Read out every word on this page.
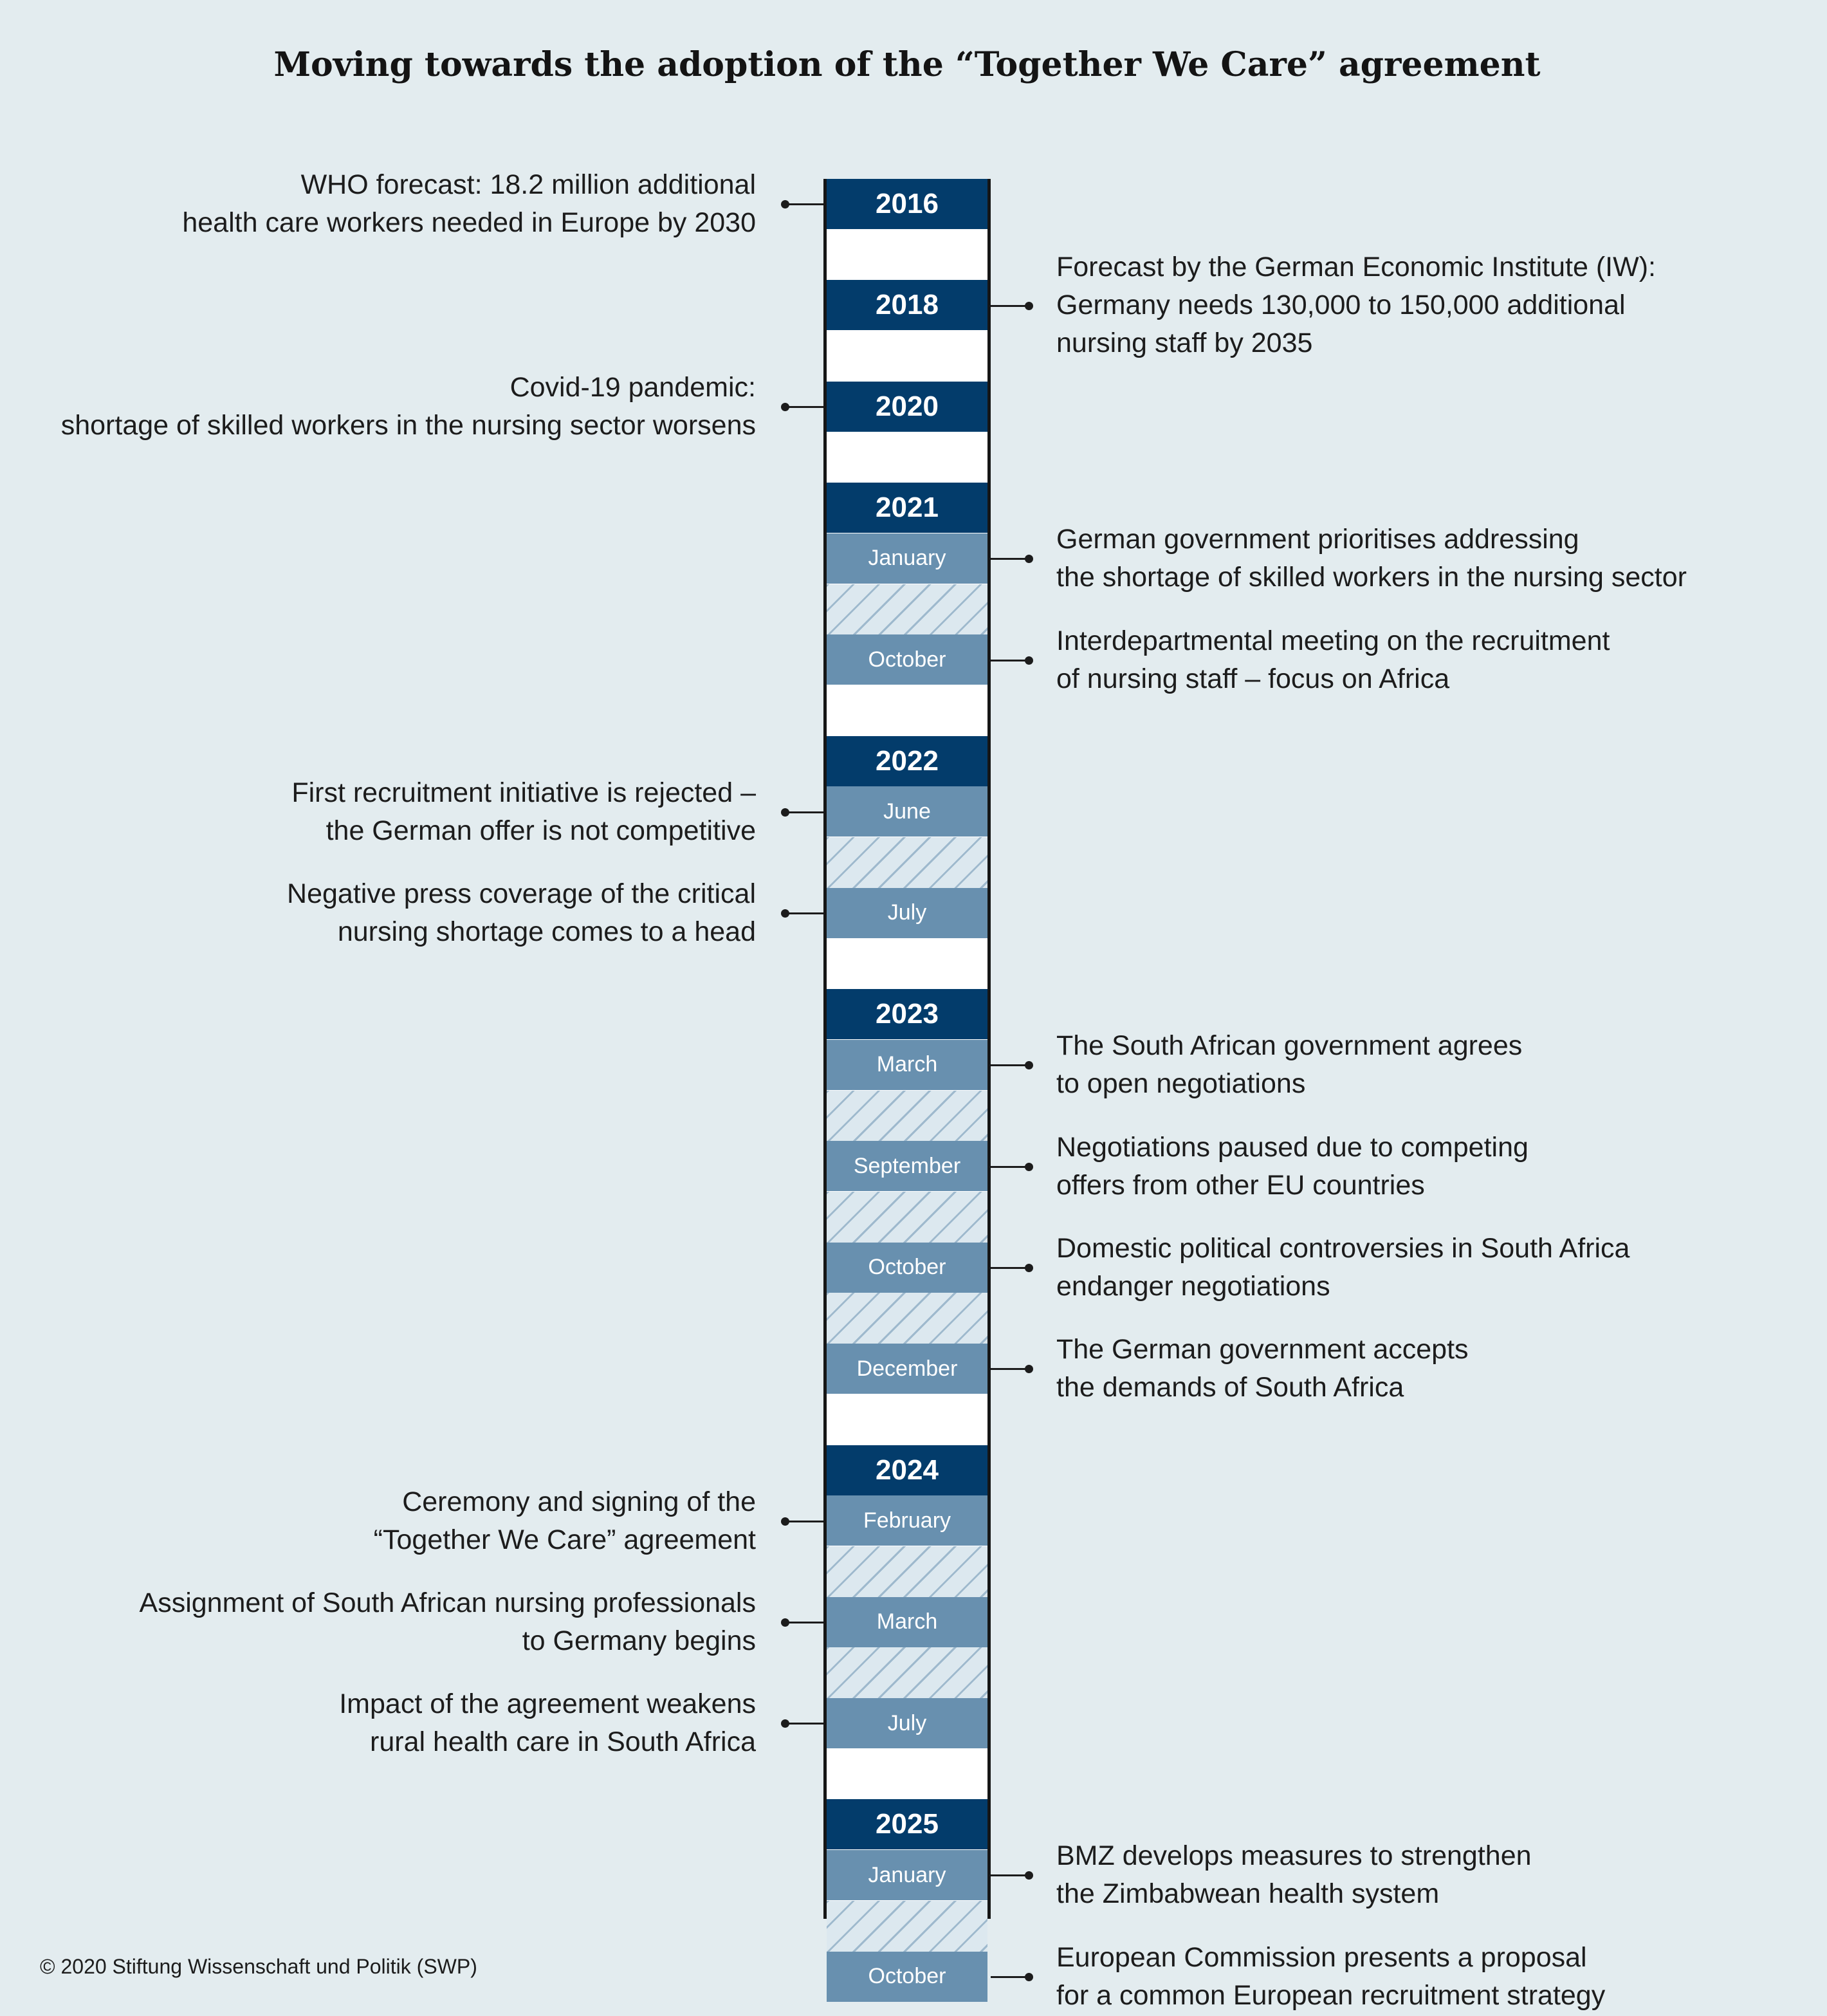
Moving towards the adoption of the “Together We Care” agreement
2016
WHO forecast: 18.2 million additional
health care workers needed in Europe by 2030
2018
Forecast by the German Economic Institute (IW):
Germany needs 130,000 to 150,000 additional
nursing staff by 2035
2020
Covid-19 pandemic:
shortage of skilled workers in the nursing sector worsens
2021
January
German government prioritises addressing
the shortage of skilled workers in the nursing sector
October
Interdepartmental meeting on the recruitment
of nursing staff – focus on Africa
2022
June
First recruitment initiative is rejected –
the German offer is not competitive
July
Negative press coverage of the critical
nursing shortage comes to a head
2023
March
The South African government agrees
to open negotiations
September
Negotiations paused due to competing
offers from other EU countries
October
Domestic political controversies in South Africa
endanger negotiations
December
The German government accepts
the demands of South Africa
2024
February
Ceremony and signing of the
“Together We Care” agreement
March
Assignment of South African nursing professionals
to Germany begins
July
Impact of the agreement weakens
rural health care in South Africa
2025
January
BMZ develops measures to strengthen
the Zimbabwean health system
October
European Commission presents a proposal
for a common European recruitment strategy
© 2020 Stiftung Wissenschaft und Politik (SWP)
